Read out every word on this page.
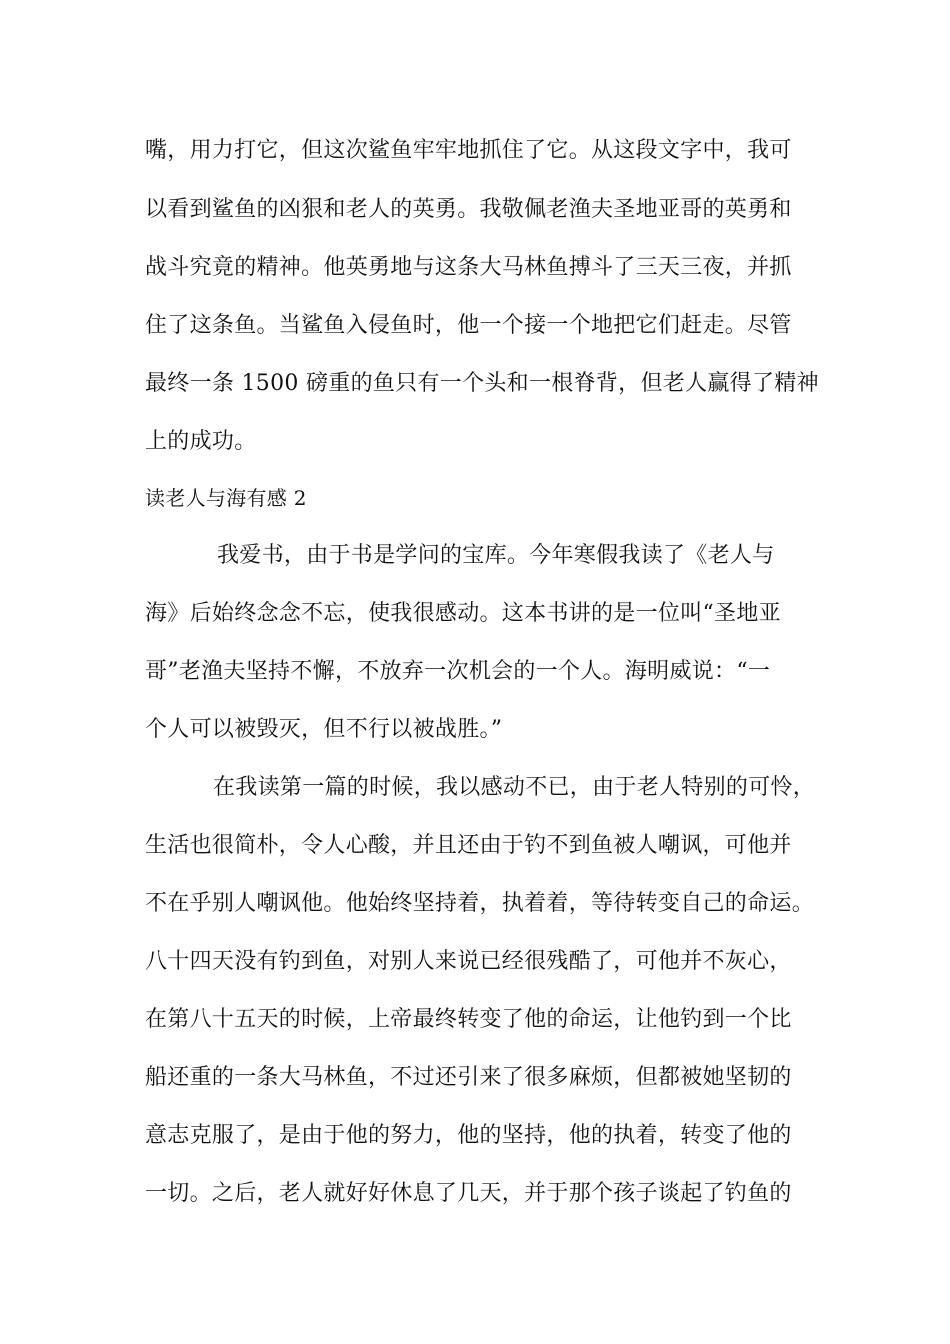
嘴，用力打它，但这次鲨鱼牢牢地抓住了它。从这段文字中，我可
以看到鲨鱼的凶狠和老人的英勇。我敬佩老渔夫圣地亚哥的英勇和
战斗究竟的精神。他英勇地与这条大马林鱼搏斗了三天三夜，并抓
住了这条鱼。当鲨鱼入侵鱼时，他一个接一个地把它们赶走。尽管
最终一条 1500 磅重的鱼只有一个头和一根脊背，但老人赢得了精神
上的成功。
读老人与海有感 2
我爱书，由于书是学问的宝库。今年寒假我读了《老人与
海》后始终念念不忘，使我很感动。这本书讲的是一位叫“圣地亚
哥”老渔夫坚持不懈，不放弃一次机会的一个人。海明威说：“一
个人可以被毁灭，但不行以被战胜。”
在我读第一篇的时候，我以感动不已，由于老人特别的可怜，
生活也很简朴，令人心酸，并且还由于钓不到鱼被人嘲讽，可他并
不在乎别人嘲讽他。他始终坚持着，执着着，等待转变自己的命运。
八十四天没有钓到鱼，对别人来说已经很残酷了，可他并不灰心，
在第八十五天的时候，上帝最终转变了他的命运，让他钓到一个比
船还重的一条大马林鱼，不过还引来了很多麻烦，但都被她坚韧的
意志克服了，是由于他的努力，他的坚持，他的执着，转变了他的
一切。之后，老人就好好休息了几天，并于那个孩子谈起了钓鱼的
